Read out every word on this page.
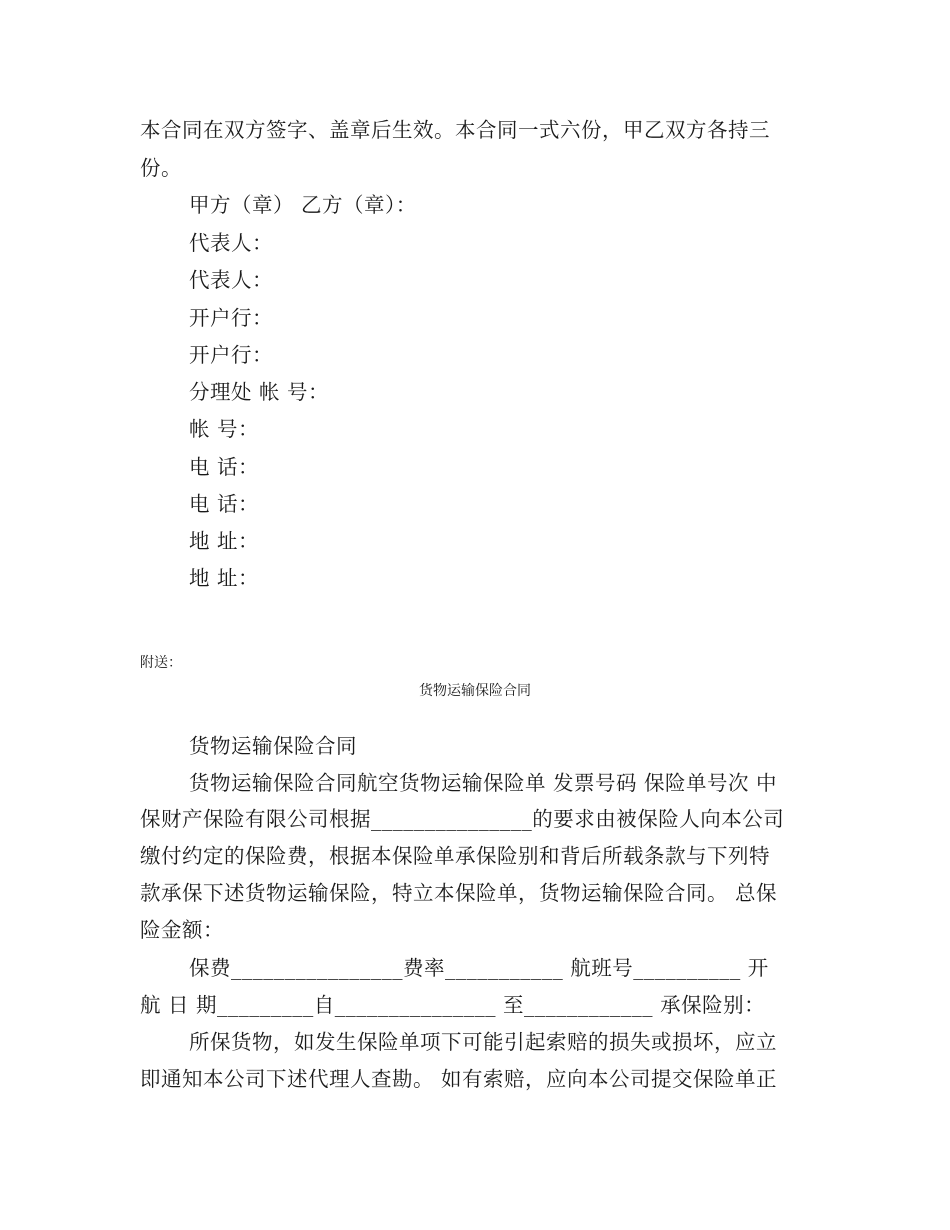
本合同在双方签字、盖章后生效。本合同一式六份，甲乙双方各持三
份。
甲方（章） 乙方（章）：
代表人：
代表人：
开户行：
开户行：
分理处 帐 号：
帐 号：
电 话：
电 话：
地 址：
地 址：
附送：
货物运输保险合同
货物运输保险合同
货物运输保险合同航空货物运输保险单 发票号码 保险单号次 中
保财产保险有限公司根据_______________的要求由被保险人向本公司
缴付约定的保险费，根据本保险单承保险别和背后所载条款与下列特
款承保下述货物运输保险，特立本保险单，货物运输保险合同。 总保
险金额：
保费________________费率___________ 航班号__________ 开
航 日 期_________自_______________ 至____________ 承保险别：
所保货物，如发生保险单项下可能引起索赔的损失或损坏，应立
即通知本公司下述代理人查勘。 如有索赔，应向本公司提交保险单正
